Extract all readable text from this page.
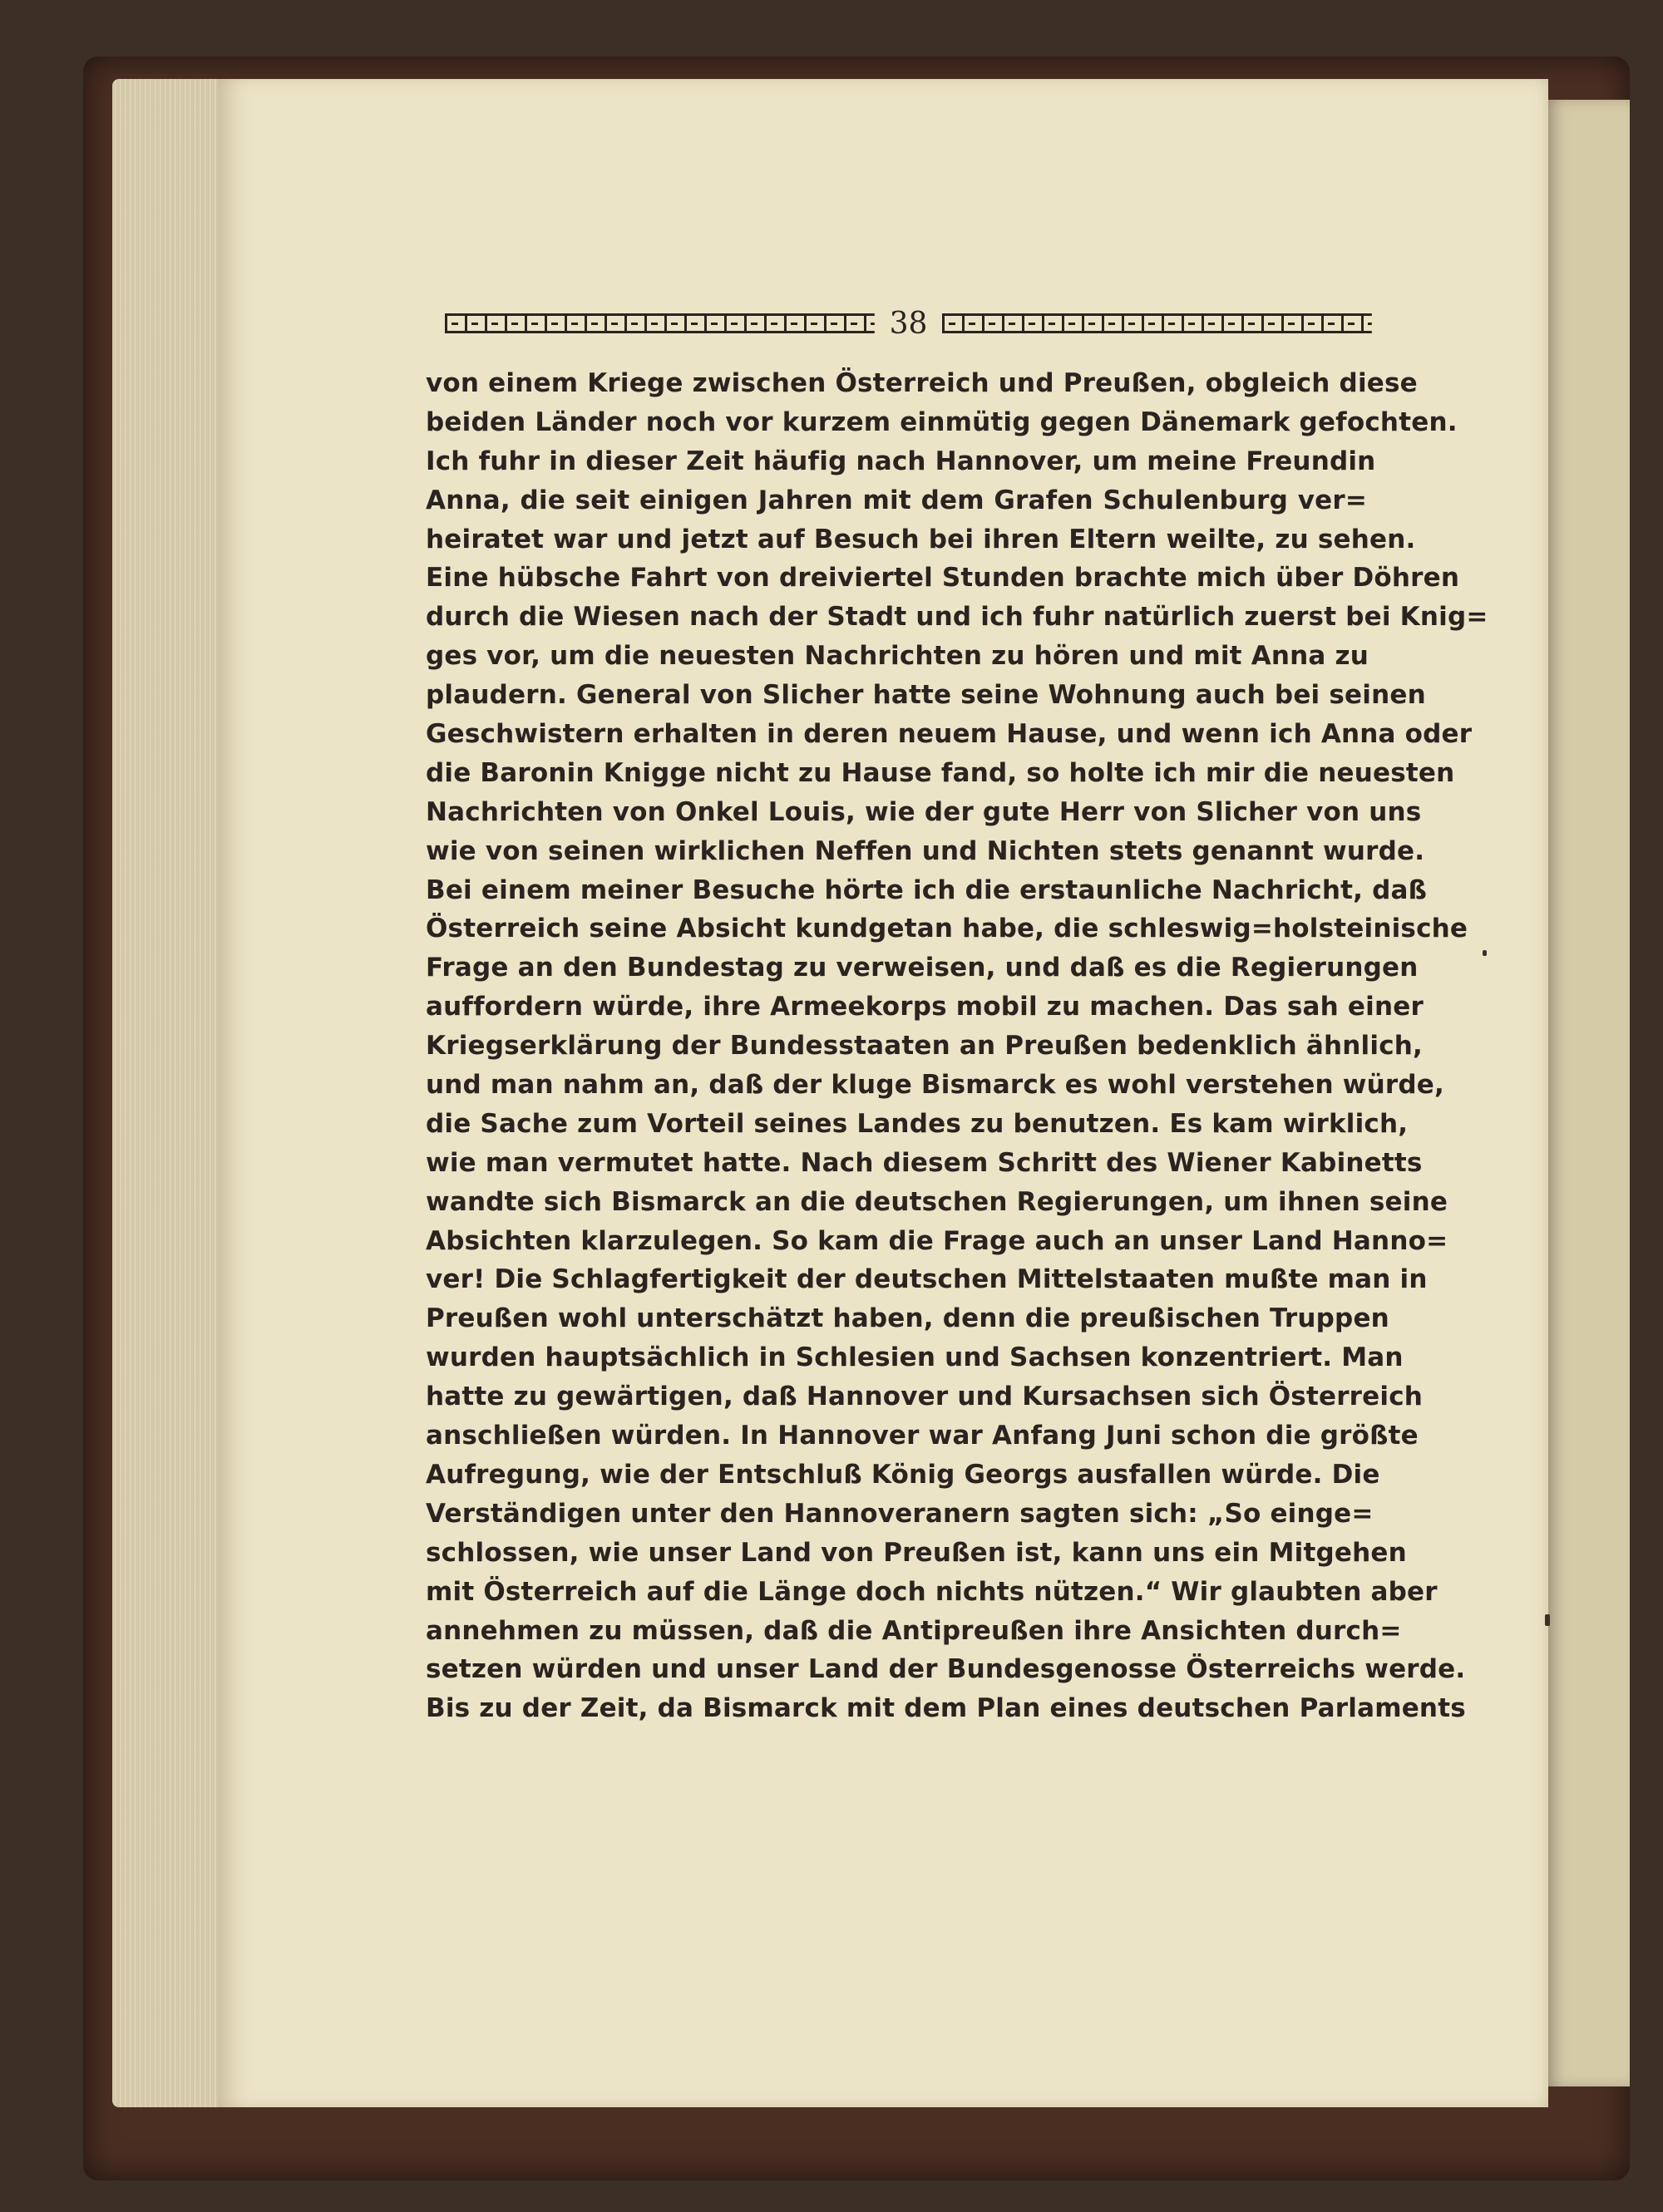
38
von einem Kriege zwischen Österreich und Preußen, obgleich diese
beiden Länder noch vor kurzem einmütig gegen Dänemark gefochten.
Ich fuhr in dieser Zeit häufig nach Hannover, um meine Freundin
Anna, die seit einigen Jahren mit dem Grafen Schulenburg ver=
heiratet war und jetzt auf Besuch bei ihren Eltern weilte, zu sehen.
Eine hübsche Fahrt von dreiviertel Stunden brachte mich über Döhren
durch die Wiesen nach der Stadt und ich fuhr natürlich zuerst bei Knig=
ges vor, um die neuesten Nachrichten zu hören und mit Anna zu
plaudern. General von Slicher hatte seine Wohnung auch bei seinen
Geschwistern erhalten in deren neuem Hause, und wenn ich Anna oder
die Baronin Knigge nicht zu Hause fand, so holte ich mir die neuesten
Nachrichten von Onkel Louis, wie der gute Herr von Slicher von uns
wie von seinen wirklichen Neffen und Nichten stets genannt wurde.
Bei einem meiner Besuche hörte ich die erstaunliche Nachricht, daß
Österreich seine Absicht kundgetan habe, die schleswig=holsteinische
Frage an den Bundestag zu verweisen, und daß es die Regierungen
auffordern würde, ihre Armeekorps mobil zu machen. Das sah einer
Kriegserklärung der Bundesstaaten an Preußen bedenklich ähnlich,
und man nahm an, daß der kluge Bismarck es wohl verstehen würde,
die Sache zum Vorteil seines Landes zu benutzen. Es kam wirklich,
wie man vermutet hatte. Nach diesem Schritt des Wiener Kabinetts
wandte sich Bismarck an die deutschen Regierungen, um ihnen seine
Absichten klarzulegen. So kam die Frage auch an unser Land Hanno=
ver! Die Schlagfertigkeit der deutschen Mittelstaaten mußte man in
Preußen wohl unterschätzt haben, denn die preußischen Truppen
wurden hauptsächlich in Schlesien und Sachsen konzentriert. Man
hatte zu gewärtigen, daß Hannover und Kursachsen sich Österreich
anschließen würden. In Hannover war Anfang Juni schon die größte
Aufregung, wie der Entschluß König Georgs ausfallen würde. Die
Verständigen unter den Hannoveranern sagten sich: „So einge=
schlossen, wie unser Land von Preußen ist, kann uns ein Mitgehen
mit Österreich auf die Länge doch nichts nützen.“ Wir glaubten aber
annehmen zu müssen, daß die Antipreußen ihre Ansichten durch=
setzen würden und unser Land der Bundesgenosse Österreichs werde.
Bis zu der Zeit, da Bismarck mit dem Plan eines deutschen Parlaments
